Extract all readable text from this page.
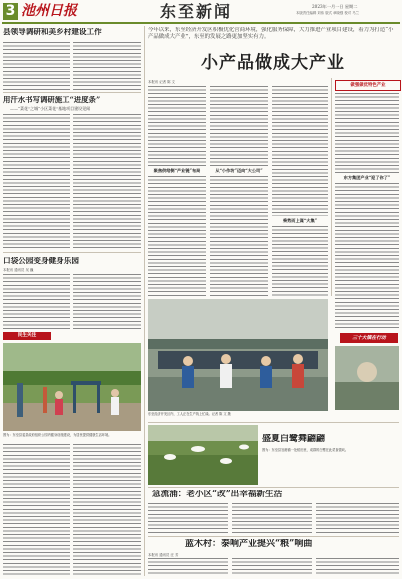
3 池州日报	东至新闻	2023年一月一日 星期二
本版责任编辑 刘伟 版式 章晓强 校对 马兰
县领导调研和美乡村建设工作
用汗水书写调研施工“进度条”
——“菜花”之城“小区菜花”基地项目建设见闻
口袋公园变身健身乐园
本报讯 通讯员 吴 巍
民生关注
图为：东至县委县政府组织公园内健身设施建设，为居民提供健康生活环境。
今年以来，东至经济开发区积极优化营商环境，强化服务保障，大力推进产业项目建设，着力为打造“小产品做成大产业”，东至的发展之路更加坚实有力。
小产品做成大产业
本报讯 记者 陈 文
聚焦供给侧“产业链”布局	从“小作坊”迈向“大公司”
乘势而上谋“大集”
做强做优特色产业
东方集团产业“迎了你了”
三十大镇在行动
东至经济开发区内，工人正在生产线上忙碌。记者 陈 文 摄
盛夏白鹭舞翩翩
图为：东至县官港镇一处稻田里，成群的白鹭在此觅食嬉戏。
急流涌：老小区“改”出幸福新生活
蓝木村：泰响产业提兴“粮”响曲
本报讯 通讯员 汪 芳
